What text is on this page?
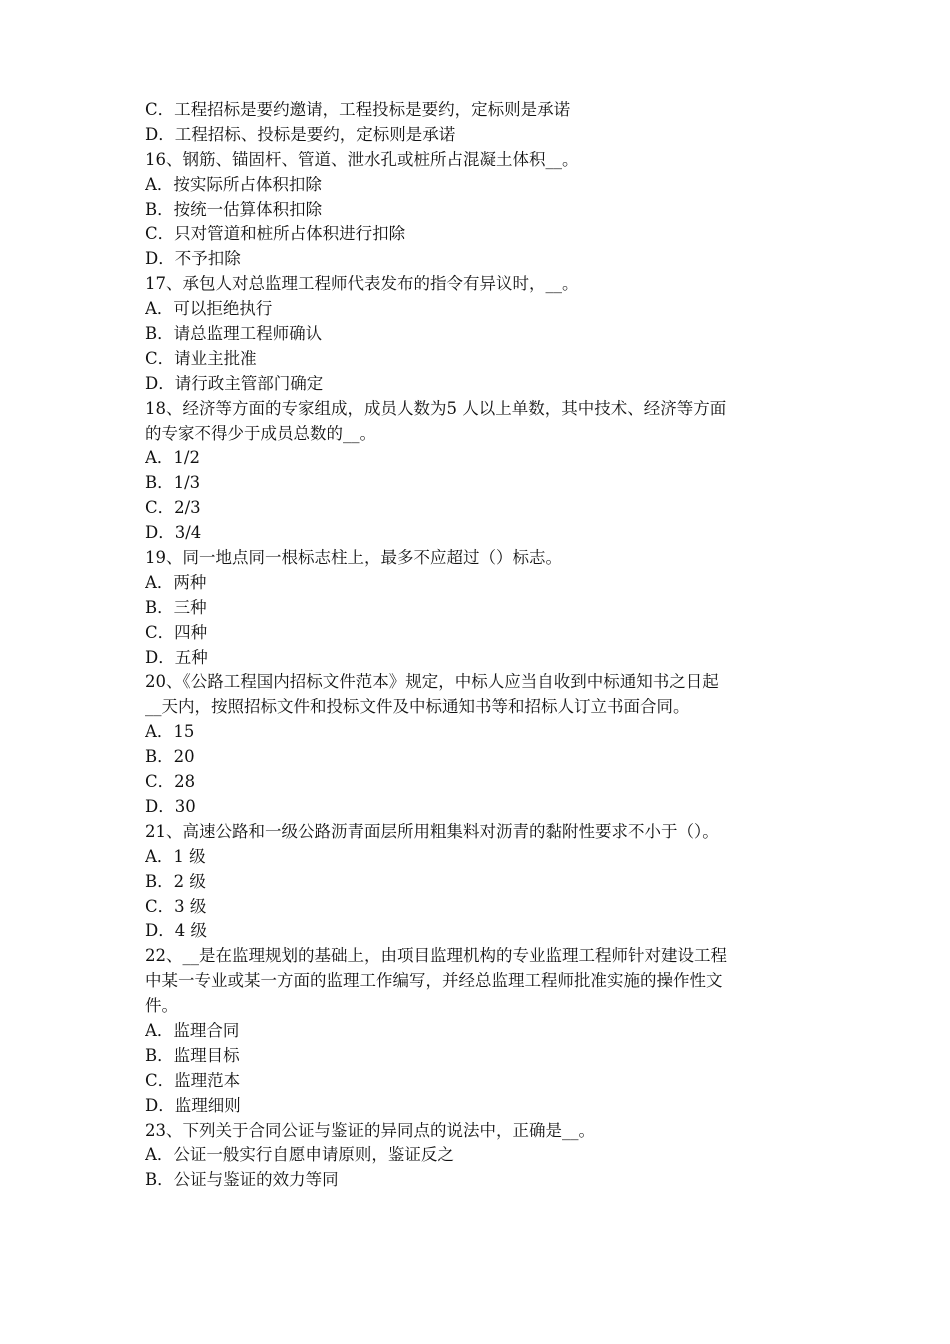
C．工程招标是要约邀请，工程投标是要约，定标则是承诺
D．工程招标、投标是要约，定标则是承诺
16、钢筋、锚固杆、管道、泄水孔或桩所占混凝土体积__。
A．按实际所占体积扣除
B．按统一估算体积扣除
C．只对管道和桩所占体积进行扣除
D．不予扣除
17、承包人对总监理工程师代表发布的指令有异议时，__。
A．可以拒绝执行
B．请总监理工程师确认
C．请业主批准
D．请行政主管部门确定
18、经济等方面的专家组成，成员人数为5 人以上单数，其中技术、经济等方面
的专家不得少于成员总数的__。
A．1/2
B．1/3
C．2/3
D．3/4
19、同一地点同一根标志柱上，最多不应超过（）标志。
A．两种
B．三种
C．四种
D．五种
20、《公路工程国内招标文件范本》规定，中标人应当自收到中标通知书之日起
__天内，按照招标文件和投标文件及中标通知书等和招标人订立书面合同。
A．15
B．20
C．28
D．30
21、高速公路和一级公路沥青面层所用粗集料对沥青的黏附性要求不小于（）。
A．1 级
B．2 级
C．3 级
D．4 级
22、__是在监理规划的基础上，由项目监理机构的专业监理工程师针对建设工程
中某一专业或某一方面的监理工作编写，并经总监理工程师批准实施的操作性文
件。
A．监理合同
B．监理目标
C．监理范本
D．监理细则
23、下列关于合同公证与鉴证的异同点的说法中，正确是__。
A．公证一般实行自愿申请原则，鉴证反之
B．公证与鉴证的效力等同
